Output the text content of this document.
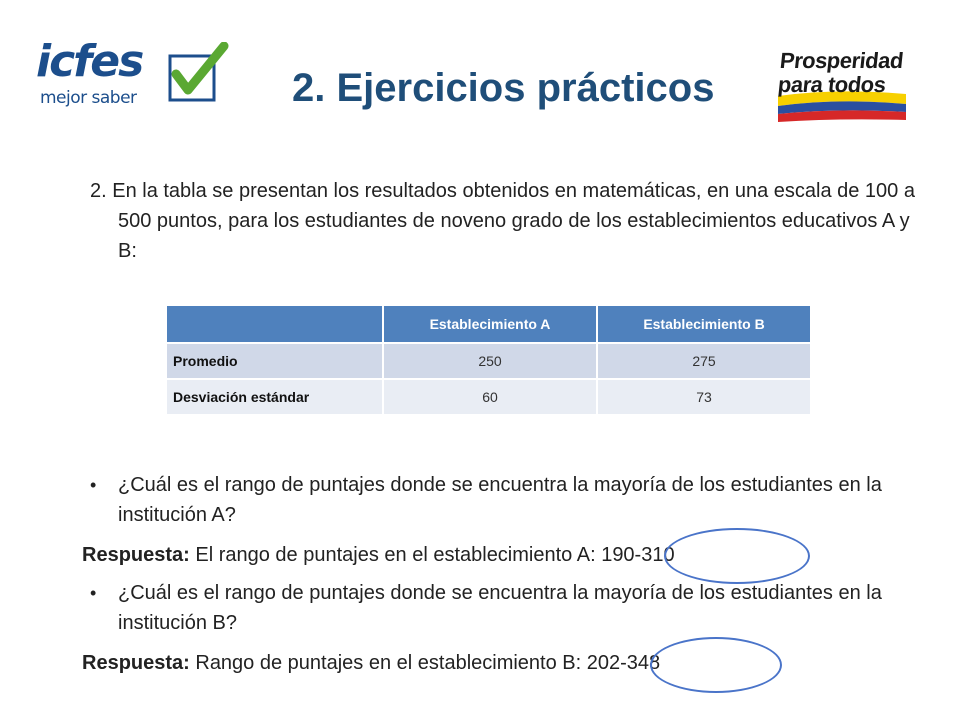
icfes
mejor saber	2. Ejercicios prácticos
Prosperidad
para todos

2. En la tabla se presentan los resultados obtenidos en matemáticas, en una escala de 100 a 500 puntos, para los estudiantes de noveno grado de los establecimientos educativos A y B:

	Establecimiento A	Establecimiento B
Promedio	250	275
Desviación estándar	60	73

• ¿Cuál es el rango de puntajes donde se encuentra la mayoría de los estudiantes en la institución A?

Respuesta: El rango de puntajes en el establecimiento A: 190-310

• ¿Cuál es el rango de puntajes donde se encuentra la mayoría de los estudiantes en la institución B?

Respuesta: Rango de puntajes en el establecimiento B: 202-348
